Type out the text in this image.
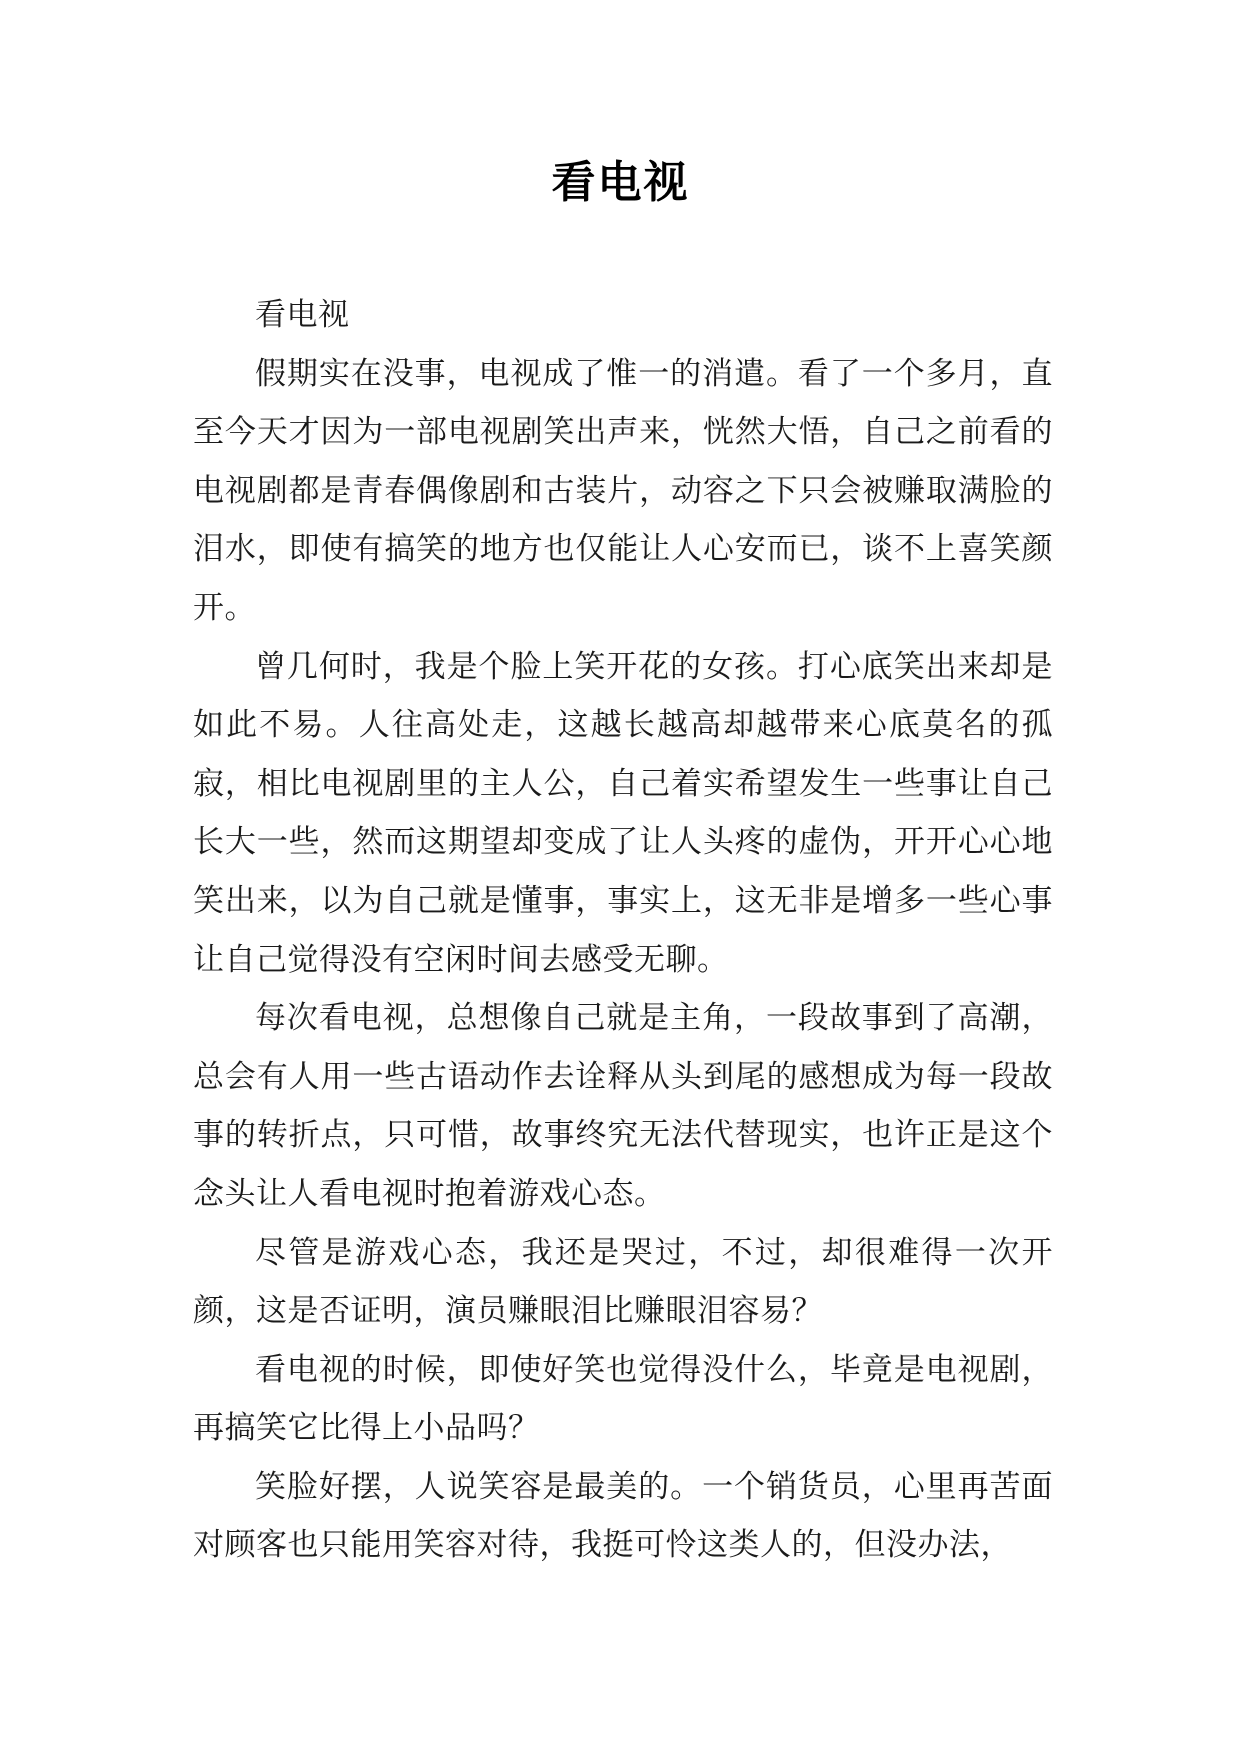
看电视

看电视

假期实在没事，电视成了惟一的消遣。看了一个多月，直至今天才因为一部电视剧笑出声来，恍然大悟，自己之前看的电视剧都是青春偶像剧和古装片，动容之下只会被赚取满脸的泪水，即使有搞笑的地方也仅能让人心安而已，谈不上喜笑颜开。

曾几何时，我是个脸上笑开花的女孩。打心底笑出来却是如此不易。人往高处走，这越长越高却越带来心底莫名的孤寂，相比电视剧里的主人公，自己着实希望发生一些事让自己长大一些，然而这期望却变成了让人头疼的虚伪，开开心心地笑出来，以为自己就是懂事，事实上，这无非是增多一些心事让自己觉得没有空闲时间去感受无聊。

每次看电视，总想像自己就是主角，一段故事到了高潮，总会有人用一些古语动作去诠释从头到尾的感想成为每一段故事的转折点，只可惜，故事终究无法代替现实，也许正是这个念头让人看电视时抱着游戏心态。

尽管是游戏心态，我还是哭过，不过，却很难得一次开颜，这是否证明，演员赚眼泪比赚眼泪容易？

看电视的时候，即使好笑也觉得没什么，毕竟是电视剧，再搞笑它比得上小品吗？

笑脸好摆，人说笑容是最美的。一个销货员，心里再苦面对顾客也只能用笑容对待，我挺可怜这类人的，但没办法，
